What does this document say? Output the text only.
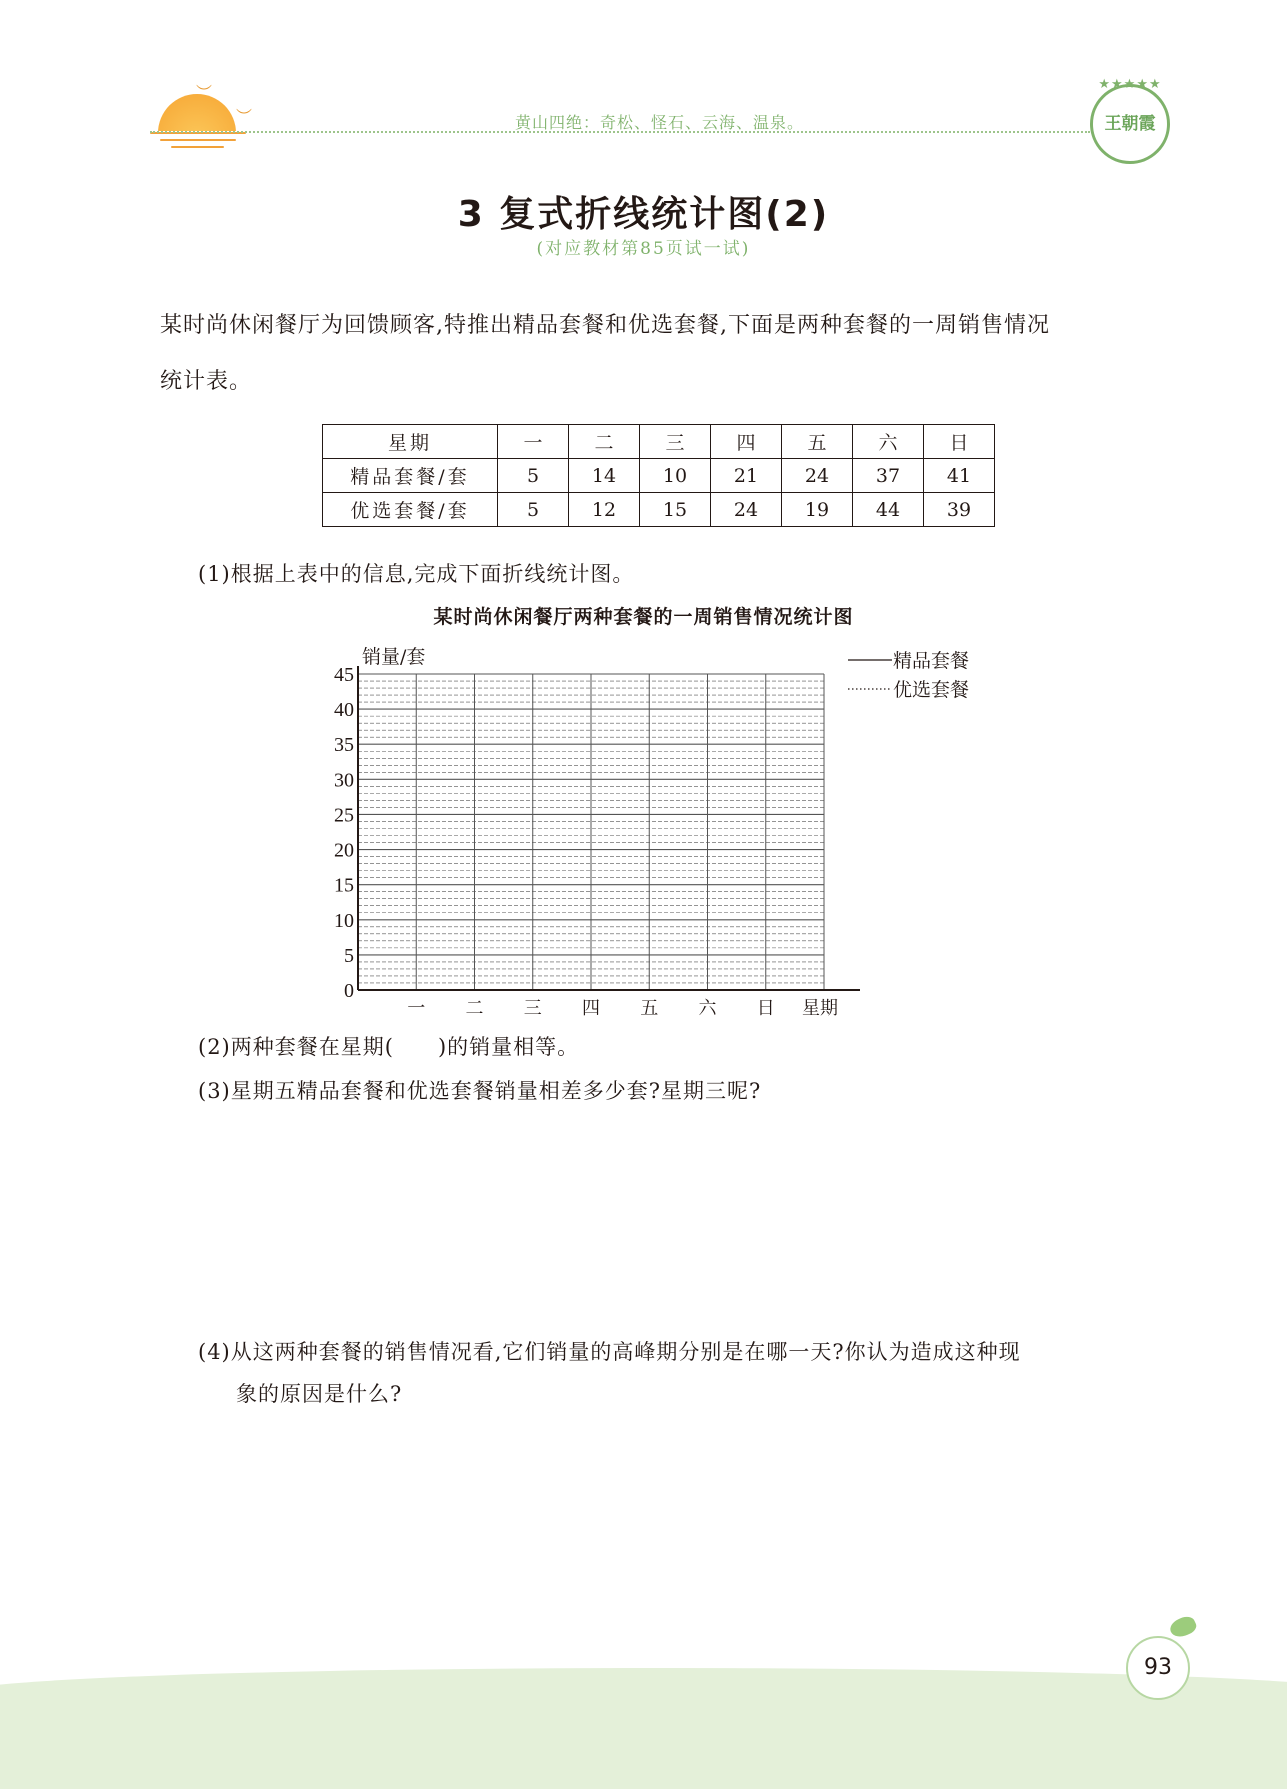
︶
︶	黄山四绝：奇松、怪石、云海、温泉。
★★★★★
王朝霞
3 复式折线统计图(2)
(对应教材第85页试一试)
某时尚休闲餐厅为回馈顾客,特推出精品套餐和优选套餐,下面是两种套餐的一周销售情况
统计表。
星期	一	二	三	四	五	六	日
精品套餐/套	5	14	10	21	24	37	41
优选套餐/套	5	12	15	24	19	44	39
(1)根据上表中的信息,完成下面折线统计图。
某时尚休闲餐厅两种套餐的一周销售情况统计图
0
5
10
15
20
25
30
35
40
45
一 二 三 四 五 六 日
销量/套
星期
精品套餐
优选套餐
(2)两种套餐在星期(　　)的销量相等。
(3)星期五精品套餐和优选套餐销量相差多少套?星期三呢?
(4)从这两种套餐的销售情况看,它们销量的高峰期分别是在哪一天?你认为造成这种现
象的原因是什么?
93
